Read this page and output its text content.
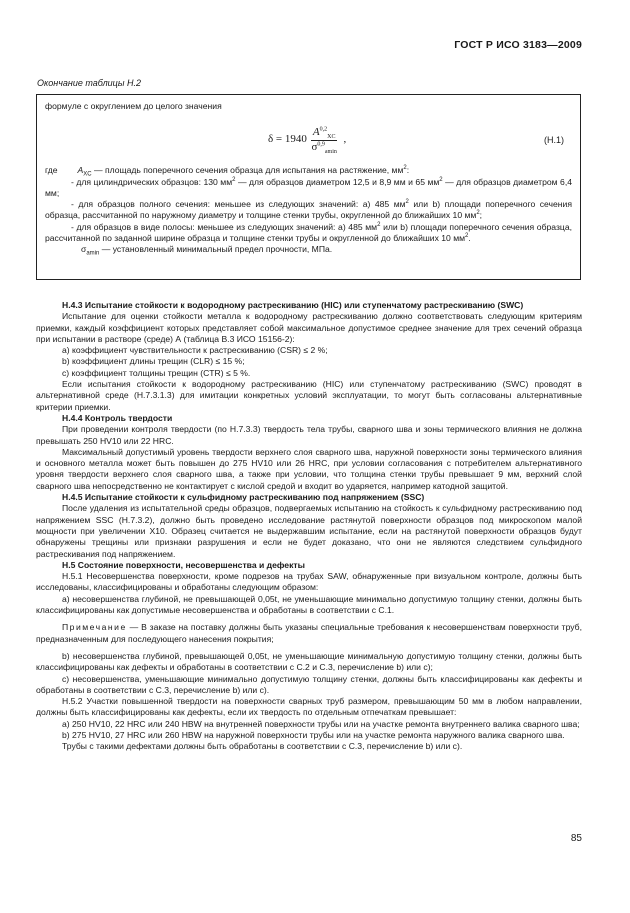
ГОСТ Р ИСО 3183—2009
Окончание таблицы Н.2

формуле с округлением до целого значения

$\delta = 1940 \frac{A^{0,2}_{XC}}{\sigma^{0,9}_{amin}}$ ,	(Н.1)

где $A_{XC}$ — площадь поперечного сечения образца для испытания на растяжение, $мм^2$:

- для цилиндрических образцов: 130 $мм^2$ — для образцов диаметром 12,5 и 8,9 мм и 65 $мм^2$ — для образцов диаметром 6,4 мм;

- для образцов полного сечения: меньшее из следующих значений: а) 485 $мм^2$ или b) площади поперечного сечения образца, рассчитанной по наружному диаметру и толщине стенки трубы, округленной до ближайших 10 $мм^2$;

- для образцов в виде полосы: меньшее из следующих значений: а) 485 $мм^2$ или b) площади поперечного сечения образца, рассчитанной по заданной ширине образца и толщине стенки трубы и округленной до ближайших 10 $мм^2$.

$\sigma_{amin}$ — установленный минимальный предел прочности, МПа.

Н.4.3 Испытание стойкости к водородному растрескиванию (HIC) или ступенчатому растрескиванию (SWC)

Испытание для оценки стойкости металла к водородному растрескиванию должно соответствовать следующим критериям приемки, каждый коэффициент которых представляет собой максимальное допустимое среднее значение для трех сечений образца при испытании в растворе (среде) А (таблица В.3 ИСО 15156-2):

а) коэффициент чувствительности к растрескиванию (CSR) ≤ 2 %;

b) коэффициент длины трещин (CLR) ≤ 15 %;

с) коэффициент толщины трещин (CTR) ≤ 5 %.

Если испытания стойкости к водородному растрескиванию (HIC) или ступенчатому растрескиванию (SWC) проводят в альтернативной среде (Н.7.3.1.3) для имитации конкретных условий эксплуатации, то могут быть согласованы альтернативные критерии приемки.

Н.4.4 Контроль твердости

При проведении контроля твердости (по Н.7.3.3) твердость тела трубы, сварного шва и зоны термического влияния не должна превышать 250 HV10 или 22 HRC.

Максимальный допустимый уровень твердости верхнего слоя сварного шва, наружной поверхности зоны термического влияния и основного металла может быть повышен до 275 HV10 или 26 HRC, при условии согласования с потребителем альтернативного уровня твердости верхнего слоя сварного шва, а также при условии, что толщина стенки трубы превышает 9 мм, верхний слой сварного шва непосредственно не контактирует с кислой средой и входит во ударяется, например катодной защитой.

Н.4.5 Испытание стойкости к сульфидному растрескиванию под напряжением (SSC)

После удаления из испытательной среды образцов, подвергаемых испытанию на стойкость к сульфидному растрескиванию под напряжением SSC (Н.7.3.2), должно быть проведено исследование растянутой поверхности образцов под микроскопом малой мощности при увеличении Х10. Образец считается не выдержавшим испытание, если на растянутой поверхности образцов будут обнаружены трещины или признаки разрушения и если не будет доказано, что они не являются следствием сульфидного растрескивания под напряжением.

Н.5 Состояние поверхности, несовершенства и дефекты

Н.5.1 Несовершенства поверхности, кроме подрезов на трубах SAW, обнаруженные при визуальном контроле, должны быть исследованы, классифицированы и обработаны следующим образом:

а) несовершенства глубиной, не превышающей 0,05t, не уменьшающие минимально допустимую толщину стенки, должны быть классифицированы как допустимые несовершенства и обработаны в соответствии с С.1.

Примечание — В заказе на поставку должны быть указаны специальные требования к несовершенствам поверхности труб, предназначенным для последующего нанесения покрытия;

b) несовершенства глубиной, превышающей 0,05t, не уменьшающие минимальную допустимую толщину стенки, должны быть классифицированы как дефекты и обработаны в соответствии с С.2 и С.3, перечисление b) или с);

с) несовершенства, уменьшающие минимально допустимую толщину стенки, должны быть классифицированы как дефекты и обработаны в соответствии с С.3, перечисление b) или с).

Н.5.2 Участки повышенной твердости на поверхности сварных труб размером, превышающим 50 мм в любом направлении, должны быть классифицированы как дефекты, если их твердость по отдельным отпечаткам превышает:

а) 250 HV10, 22 HRC или 240 HBW на внутренней поверхности трубы или на участке ремонта внутреннего валика сварного шва;

b) 275 HV10, 27 HRC или 260 HBW на наружной поверхности трубы или на участке ремонта наружного валика сварного шва.

Трубы с такими дефектами должны быть обработаны в соответствии с С.3, перечисление b) или с).

85
